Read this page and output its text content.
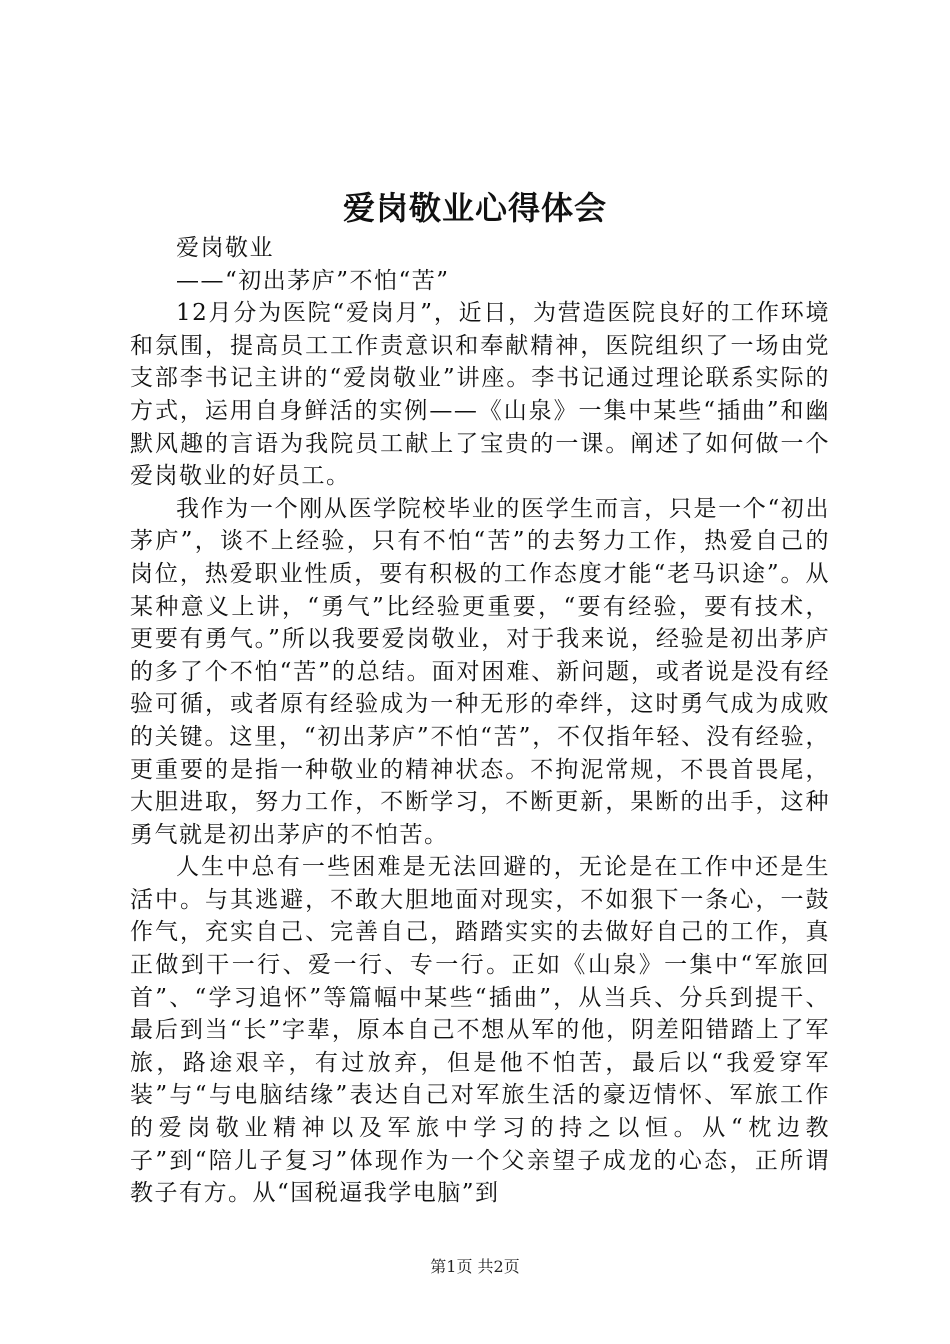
爱岗敬业心得体会

爱岗敬业

——“初出茅庐”不怕“苦”

12月分为医院“爱岗月”，近日，为营造医院良好的工作环境和氛围，提高员工工作责意识和奉献精神，医院组织了一场由党支部李书记主讲的“爱岗敬业”讲座。李书记通过理论联系实际的方式，运用自身鲜活的实例——《山泉》一集中某些“插曲”和幽默风趣的言语为我院员工献上了宝贵的一课。阐述了如何做一个爱岗敬业的好员工。

我作为一个刚从医学院校毕业的医学生而言，只是一个“初出茅庐”，谈不上经验，只有不怕“苦”的去努力工作，热爱自己的岗位，热爱职业性质，要有积极的工作态度才能“老马识途”。从某种意义上讲，“勇气”比经验更重要，“要有经验，要有技术，更要有勇气。”所以我要爱岗敬业，对于我来说，经验是初出茅庐的多了个不怕“苦”的总结。面对困难、新问题，或者说是没有经验可循，或者原有经验成为一种无形的牵绊，这时勇气成为成败的关键。这里，“初出茅庐”不怕“苦”，不仅指年轻、没有经验，更重要的是指一种敬业的精神状态。不拘泥常规，不畏首畏尾，大胆进取，努力工作，不断学习，不断更新，果断的出手，这种勇气就是初出茅庐的不怕苦。

人生中总有一些困难是无法回避的，无论是在工作中还是生活中。与其逃避，不敢大胆地面对现实，不如狠下一条心，一鼓作气，充实自己、完善自己，踏踏实实的去做好自己的工作，真正做到干一行、爱一行、专一行。正如《山泉》一集中“军旅回首”、“学习追怀”等篇幅中某些“插曲”，从当兵、分兵到提干、最后到当“长”字辈，原本自己不想从军的他，阴差阳错踏上了军旅，路途艰辛，有过放弃，但是他不怕苦，最后以“我爱穿军装”与“与电脑结缘”表达自己对军旅生活的豪迈情怀、军旅工作的爱岗敬业精神以及军旅中学习的持之以恒。从“枕边教子”到“陪儿子复习”体现作为一个父亲望子成龙的心态，正所谓教子有方。从“国税逼我学电脑”到

第1页 共2页
